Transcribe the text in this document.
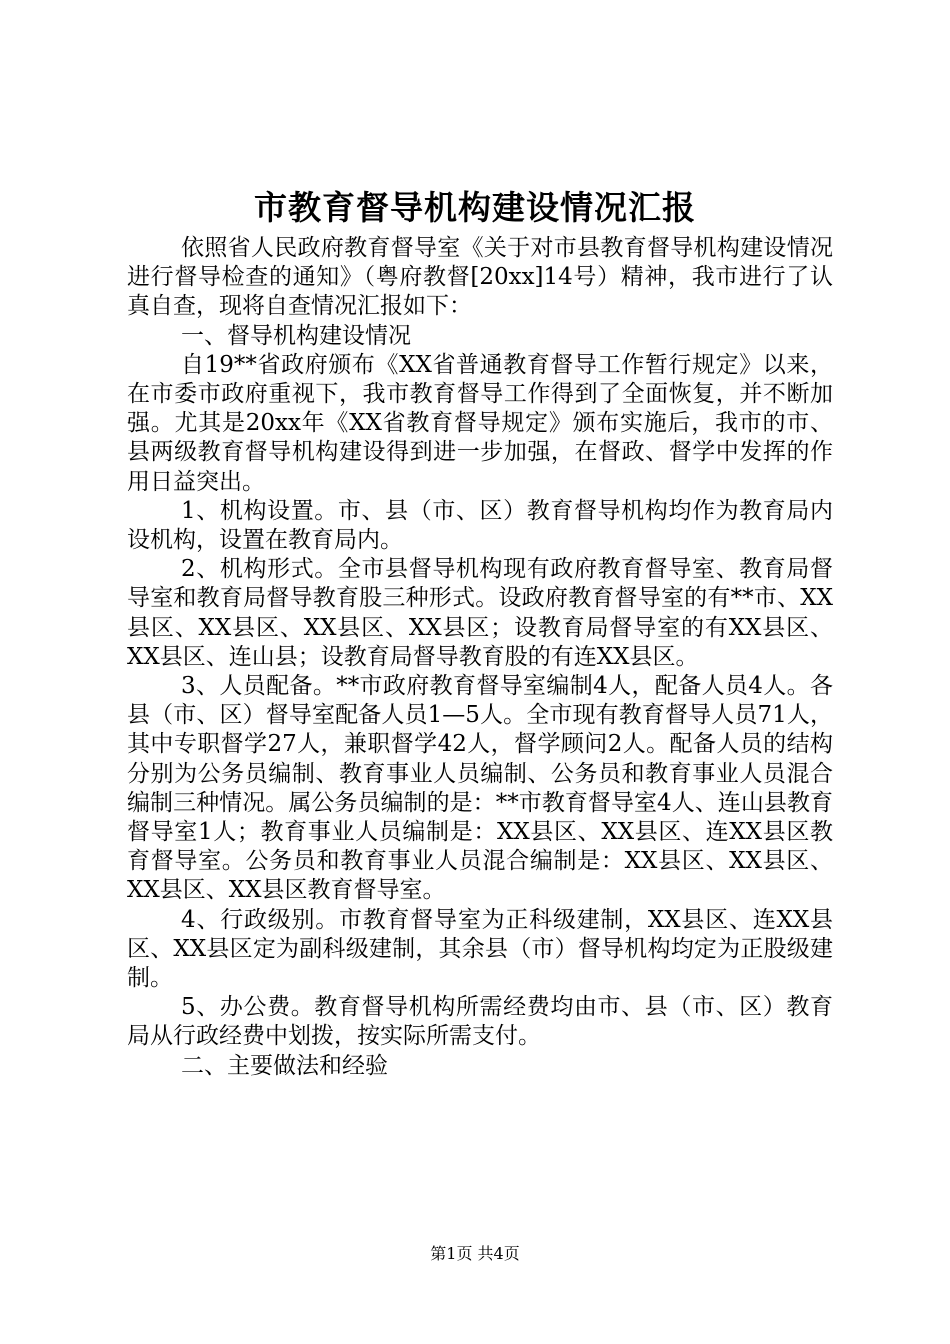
市教育督导机构建设情况汇报

依照省人民政府教育督导室《关于对市县教育督导机构建设情况进行督导检查的通知》（粤府教督[20xx]14号）精神，我市进行了认真自查，现将自查情况汇报如下：

一、督导机构建设情况

自19**省政府颁布《XX省普通教育督导工作暂行规定》以来，在市委市政府重视下，我市教育督导工作得到了全面恢复，并不断加强。尤其是20xx年《XX省教育督导规定》颁布实施后，我市的市、县两级教育督导机构建设得到进一步加强，在督政、督学中发挥的作用日益突出。

1、机构设置。市、县（市、区）教育督导机构均作为教育局内设机构，设置在教育局内。

2、机构形式。全市县督导机构现有政府教育督导室、教育局督导室和教育局督导教育股三种形式。设政府教育督导室的有**市、XX县区、XX县区、XX县区、XX县区；设教育局督导室的有XX县区、XX县区、连山县；设教育局督导教育股的有连XX县区。

3、人员配备。**市政府教育督导室编制4人，配备人员4人。各县（市、区）督导室配备人员1—5人。全市现有教育督导人员71人，其中专职督学27人，兼职督学42人，督学顾问2人。配备人员的结构分别为公务员编制、教育事业人员编制、公务员和教育事业人员混合编制三种情况。属公务员编制的是：**市教育督导室4人、连山县教育督导室1人；教育事业人员编制是：XX县区、XX县区、连XX县区教育督导室。公务员和教育事业人员混合编制是：XX县区、XX县区、XX县区、XX县区教育督导室。

4、行政级别。市教育督导室为正科级建制，XX县区、连XX县区、XX县区定为副科级建制，其余县（市）督导机构均定为正股级建制。

5、办公费。教育督导机构所需经费均由市、县（市、区）教育局从行政经费中划拨，按实际所需支付。

二、主要做法和经验

第1页 共4页
